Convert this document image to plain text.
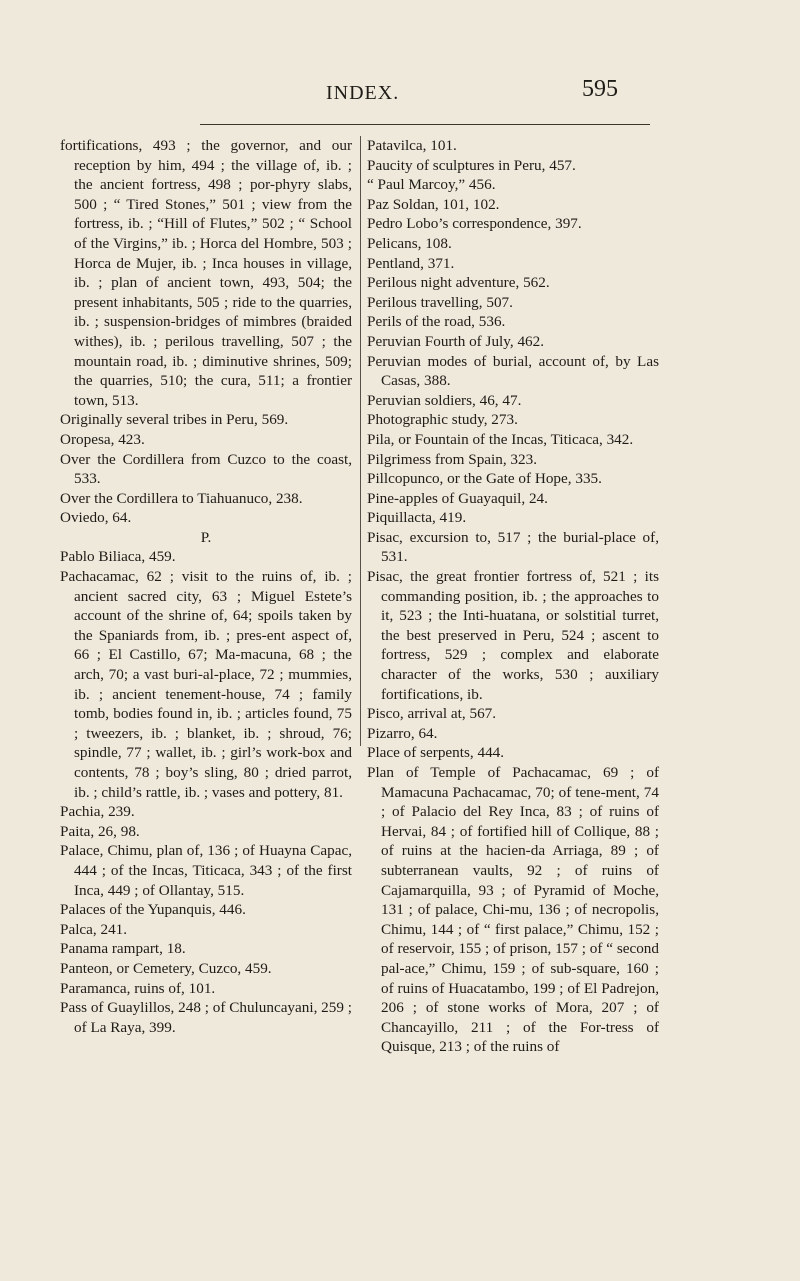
INDEX.	595

fortifications, 493 ; the governor, and our reception by him, 494 ; the village of, ib. ; the ancient fortress, 498 ; por-phyry slabs, 500 ; “ Tired Stones,” 501 ; view from the fortress, ib. ; “Hill of Flutes,” 502 ; “ School of the Virgins,” ib. ; Horca del Hombre, 503 ; Horca de Mujer, ib. ; Inca houses in village, ib. ; plan of ancient town, 493, 504; the present inhabitants, 505 ; ride to the quarries, ib. ; suspension-bridges of mimbres (braided withes), ib. ; perilous travelling, 507 ; the mountain road, ib. ; diminutive shrines, 509; the quarries, 510; the cura, 511; a frontier town, 513.

Originally several tribes in Peru, 569.

Oropesa, 423.

Over the Cordillera from Cuzco to the coast, 533.

Over the Cordillera to Tiahuanuco, 238.

Oviedo, 64.

P.

Pablo Biliaca, 459.

Pachacamac, 62 ; visit to the ruins of, ib. ; ancient sacred city, 63 ; Miguel Estete’s account of the shrine of, 64; spoils taken by the Spaniards from, ib. ; pres-ent aspect of, 66 ; El Castillo, 67; Ma-macuna, 68 ; the arch, 70; a vast buri-al-place, 72 ; mummies, ib. ; ancient tenement-house, 74 ; family tomb, bodies found in, ib. ; articles found, 75 ; tweezers, ib. ; blanket, ib. ; shroud, 76; spindle, 77 ; wallet, ib. ; girl’s work-box and contents, 78 ; boy’s sling, 80 ; dried parrot, ib. ; child’s rattle, ib. ; vases and pottery, 81.

Pachia, 239.

Paita, 26, 98.

Palace, Chimu, plan of, 136 ; of Huayna Capac, 444 ; of the Incas, Titicaca, 343 ; of the first Inca, 449 ; of Ollantay, 515.

Palaces of the Yupanquis, 446.

Palca, 241.

Panama rampart, 18.

Panteon, or Cemetery, Cuzco, 459.

Paramanca, ruins of, 101.

Pass of Guaylillos, 248 ; of Chuluncayani, 259 ; of La Raya, 399.

Patavilca, 101.

Paucity of sculptures in Peru, 457.

“ Paul Marcoy,” 456.

Paz Soldan, 101, 102.

Pedro Lobo’s correspondence, 397.

Pelicans, 108.

Pentland, 371.

Perilous night adventure, 562.

Perilous travelling, 507.

Perils of the road, 536.

Peruvian Fourth of July, 462.

Peruvian modes of burial, account of, by Las Casas, 388.

Peruvian soldiers, 46, 47.

Photographic study, 273.

Pila, or Fountain of the Incas, Titicaca, 342.

Pilgrimess from Spain, 323.

Pillcopunco, or the Gate of Hope, 335.

Pine-apples of Guayaquil, 24.

Piquillacta, 419.

Pisac, excursion to, 517 ; the burial-place of, 531.

Pisac, the great frontier fortress of, 521 ; its commanding position, ib. ; the approaches to it, 523 ; the Inti-huatana, or solstitial turret, the best preserved in Peru, 524 ; ascent to fortress, 529 ; complex and elaborate character of the works, 530 ; auxiliary fortifications, ib.

Pisco, arrival at, 567.

Pizarro, 64.

Place of serpents, 444.

Plan of Temple of Pachacamac, 69 ; of Mamacuna Pachacamac, 70; of tene-ment, 74 ; of Palacio del Rey Inca, 83 ; of ruins of Hervai, 84 ; of fortified hill of Collique, 88 ; of ruins at the hacien-da Arriaga, 89 ; of subterranean vaults, 92 ; of ruins of Cajamarquilla, 93 ; of Pyramid of Moche, 131 ; of palace, Chi-mu, 136 ; of necropolis, Chimu, 144 ; of “ first palace,” Chimu, 152 ; of reservoir, 155 ; of prison, 157 ; of “ second pal-ace,” Chimu, 159 ; of sub-square, 160 ; of ruins of Huacatambo, 199 ; of El Padrejon, 206 ; of stone works of Mora, 207 ; of Chancayillo, 211 ; of the For-tress of Quisque, 213 ; of the ruins of
